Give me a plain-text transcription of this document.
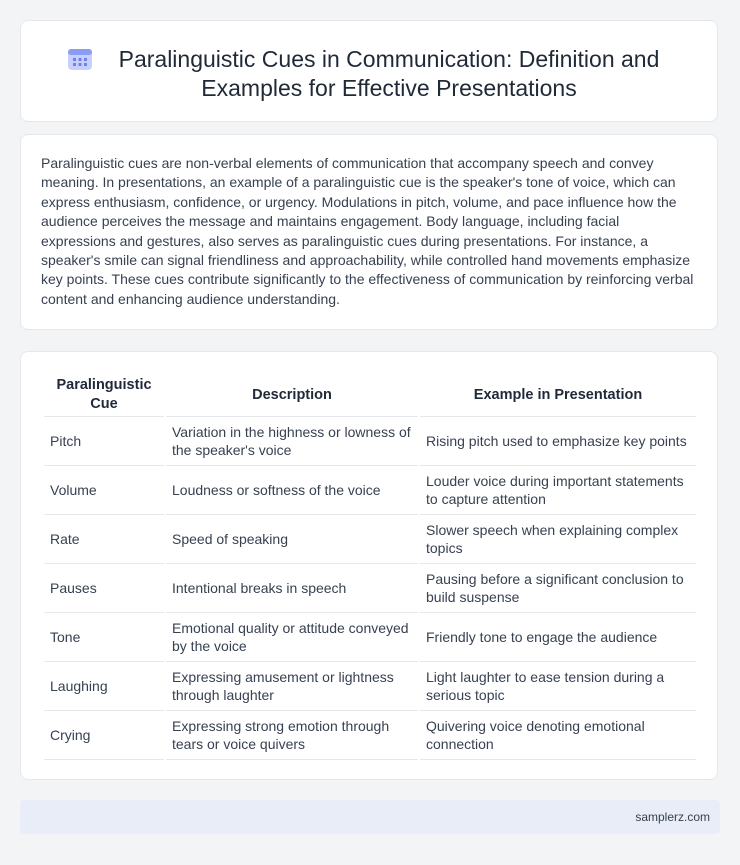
Paralinguistic Cues in Communication: Definition and Examples for Effective Presentations

Paralinguistic cues are non-verbal elements of communication that accompany speech and convey meaning. In presentations, an example of a paralinguistic cue is the speaker's tone of voice, which can express enthusiasm, confidence, or urgency. Modulations in pitch, volume, and pace influence how the audience perceives the message and maintains engagement. Body language, including facial expressions and gestures, also serves as paralinguistic cues during presentations. For instance, a speaker's smile can signal friendliness and approachability, while controlled hand movements emphasize key points. These cues contribute significantly to the effectiveness of communication by reinforcing verbal content and enhancing audience understanding.

Paralinguistic Cue	Description	Example in Presentation
Pitch	Variation in the highness or lowness of the speaker's voice	Rising pitch used to emphasize key points
Volume	Loudness or softness of the voice	Louder voice during important statements to capture attention
Rate	Speed of speaking	Slower speech when explaining complex topics
Pauses	Intentional breaks in speech	Pausing before a significant conclusion to build suspense
Tone	Emotional quality or attitude conveyed by the voice	Friendly tone to engage the audience
Laughing	Expressing amusement or lightness through laughter	Light laughter to ease tension during a serious topic
Crying	Expressing strong emotion through tears or voice quivers	Quivering voice denoting emotional connection
samplerz.com
